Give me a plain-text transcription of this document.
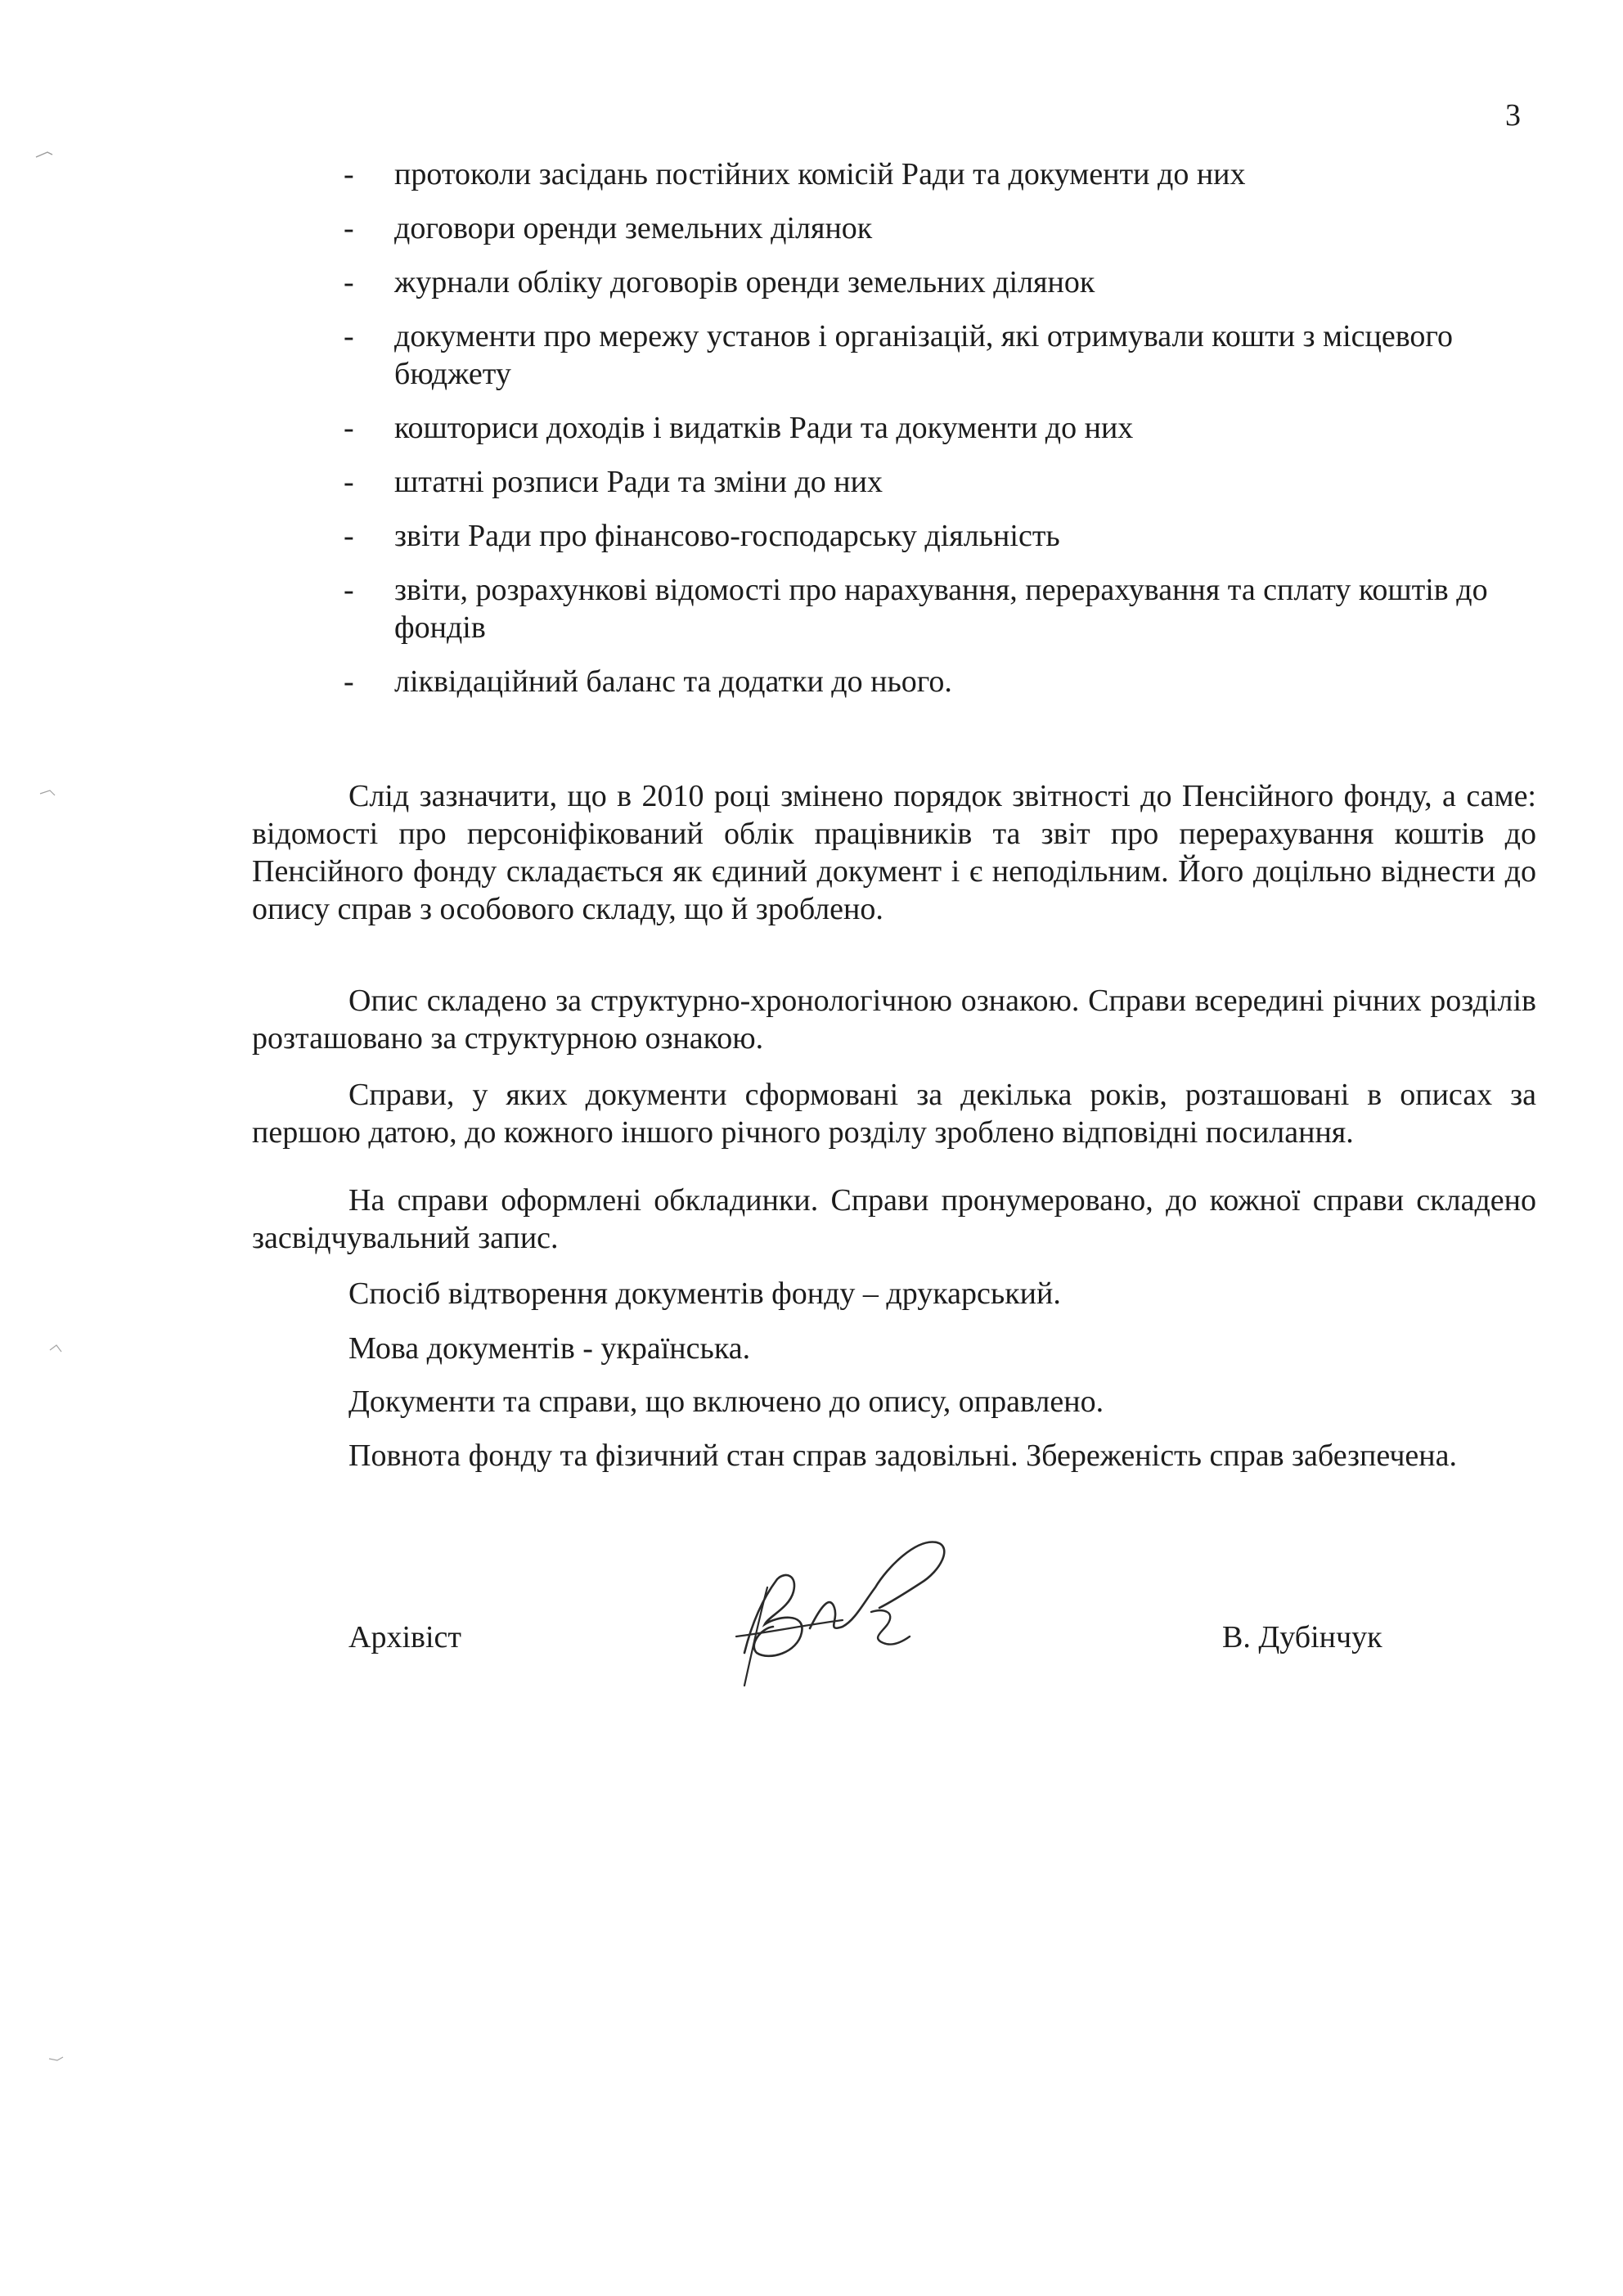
3
- протоколи засідань постійних комісій Ради та документи до них
- договори оренди земельних ділянок
- журнали обліку договорів оренди земельних ділянок
- документи про мережу установ і організацій, які отримували кошти з місцевого бюджету
- кошториси доходів і видатків Ради та документи до них
- штатні розписи Ради та зміни до них
- звіти Ради про фінансово-господарську діяльність
- звіти, розрахункові відомості про нарахування, перерахування та сплату коштів до фондів
- ліквідаційний баланс та додатки до нього.

Слід зазначити, що в 2010 році змінено порядок звітності до Пенсійного фонду, а саме: відомості про персоніфікований облік працівників та звіт про перерахування коштів до Пенсійного фонду складається як єдиний документ і є неподільним. Його доцільно віднести до опису справ з особового складу, що й зроблено.

Опис складено за структурно-хронологічною ознакою. Справи всередині річних розділів розташовано за структурною ознакою.

Справи, у яких документи сформовані за декілька років, розташовані в описах за першою датою, до кожного іншого річного розділу зроблено відповідні посилання.

На справи оформлені обкладинки. Справи пронумеровано, до кожної справи складено засвідчувальний запис.

Спосіб відтворення документів фонду – друкарський.

Мова документів - українська.

Документи та справи, що включено до опису, оправлено.

Повнота фонду та фізичний стан справ задовільні. Збереженість справ забезпечена.

Архівіст	В. Дубінчук
